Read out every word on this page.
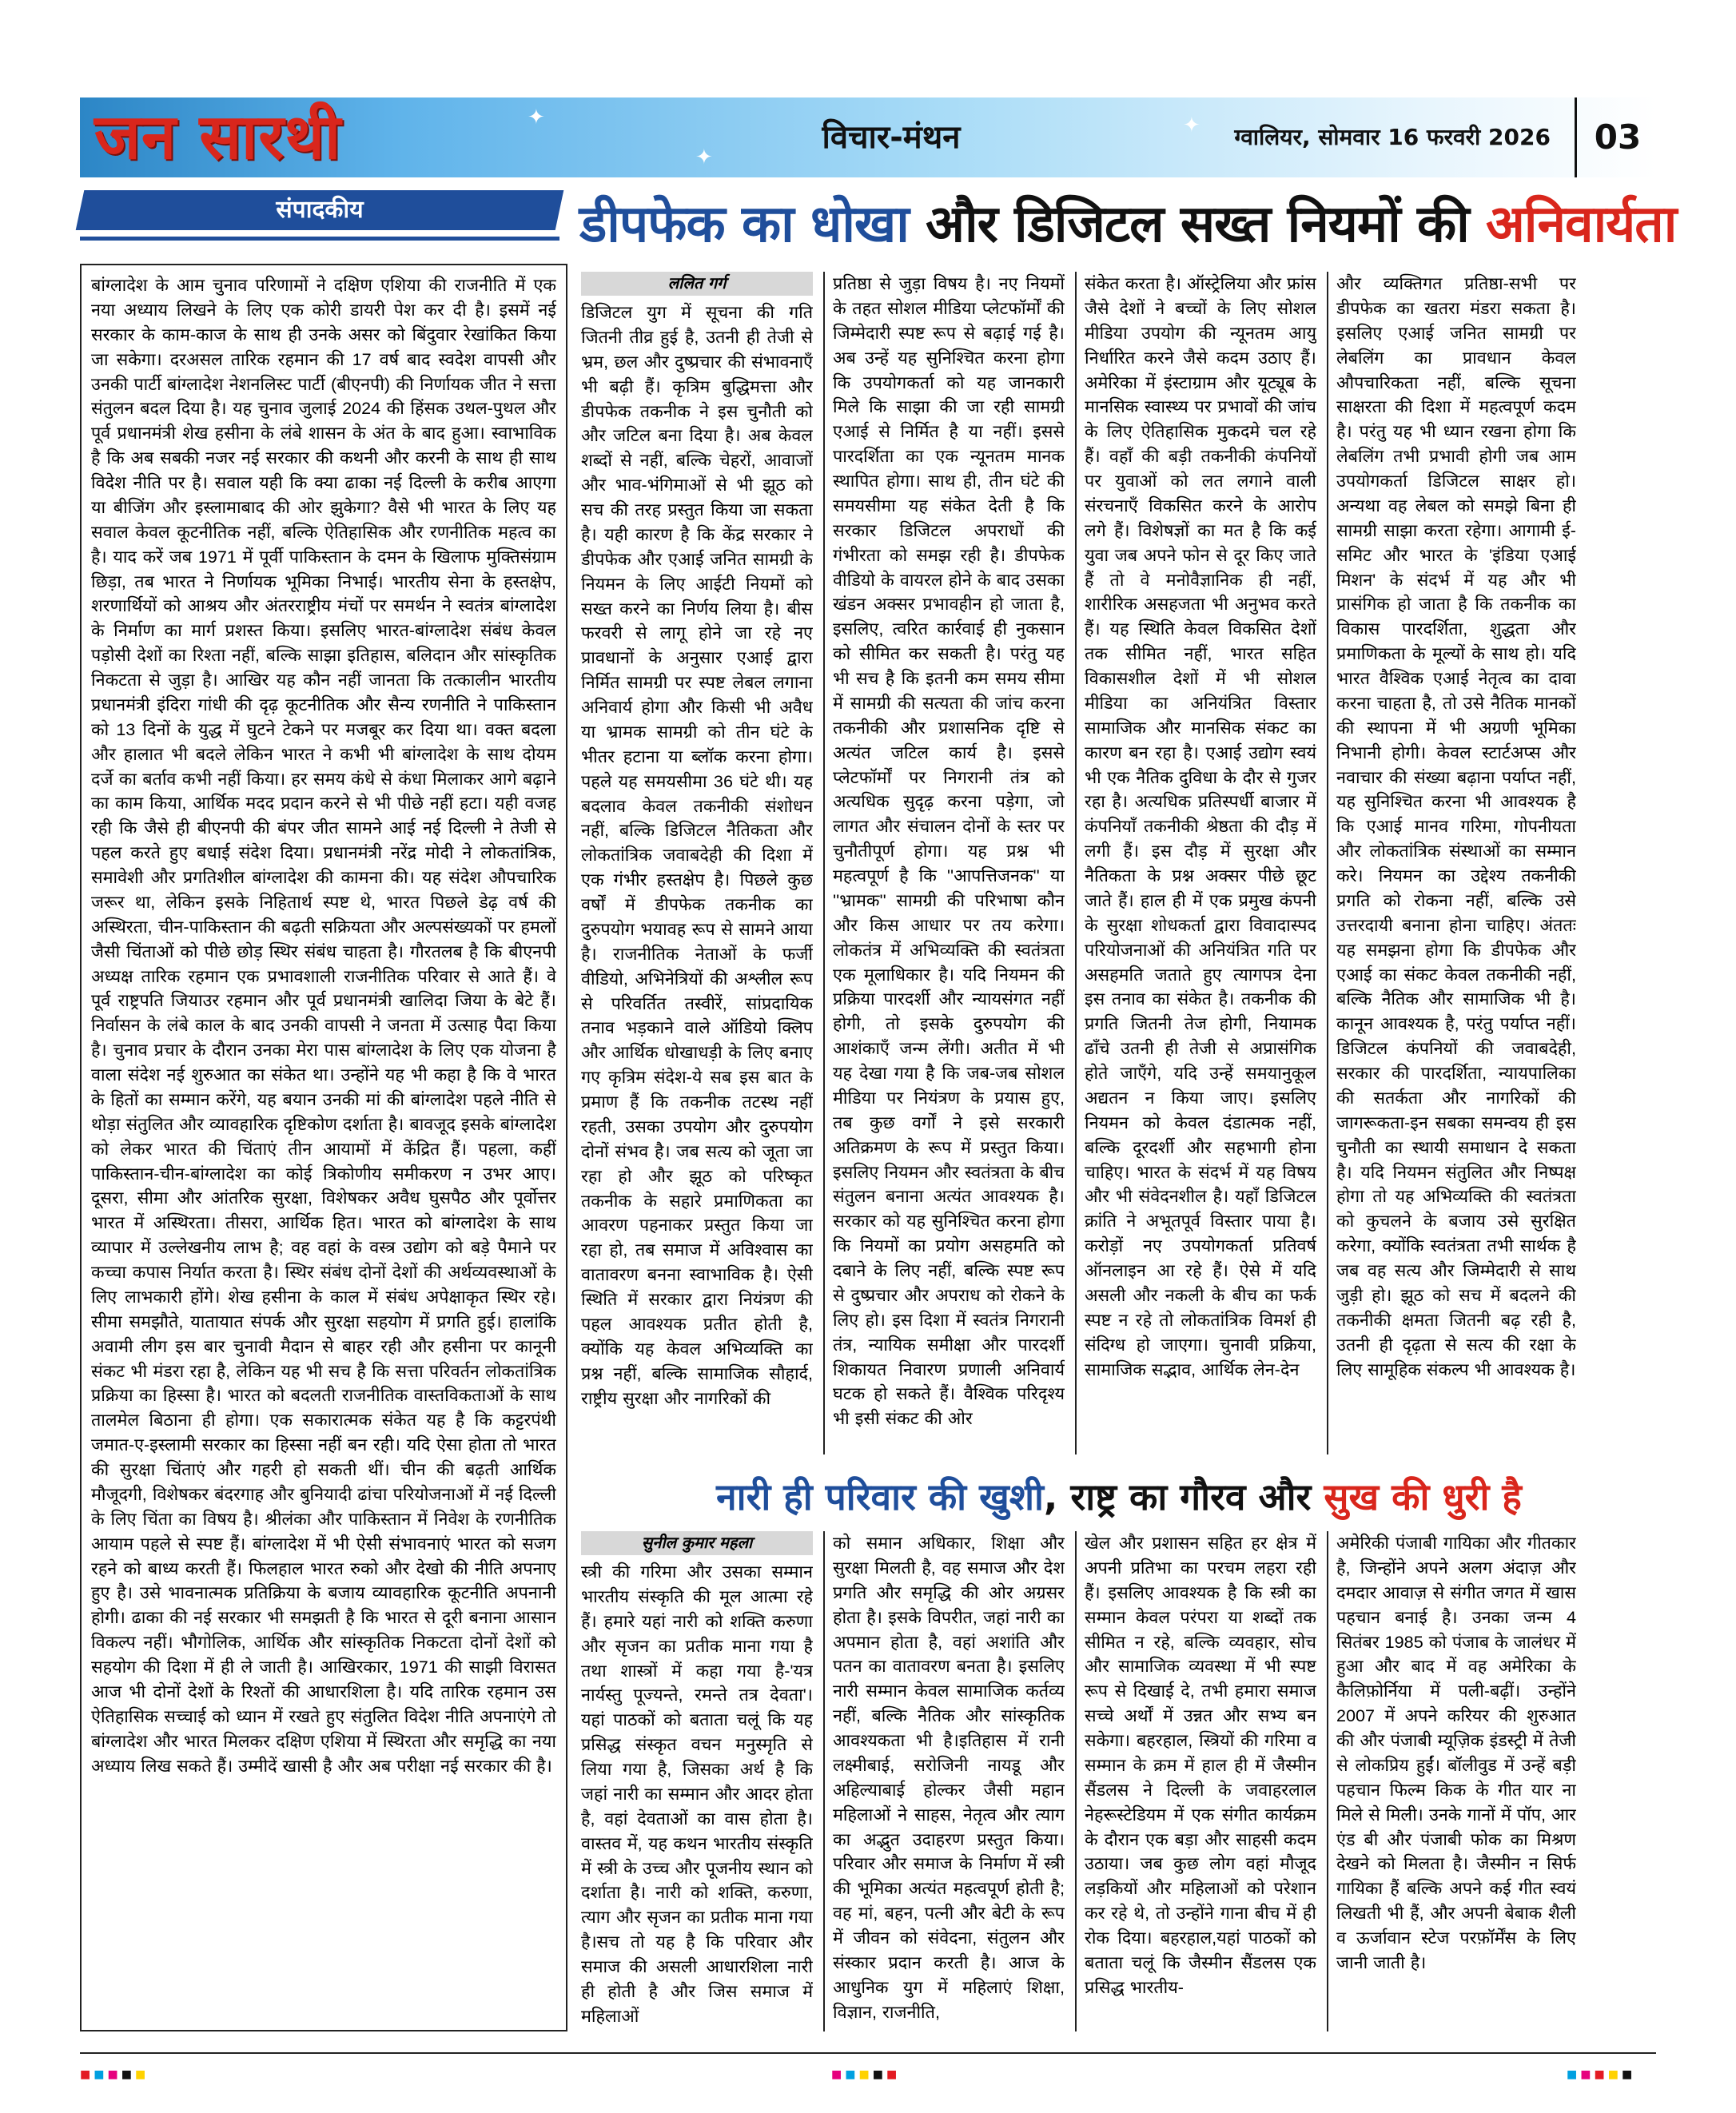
✦
✦
✦
जन सारथी	विचार-मंथन	ग्वालियर, सोमवार 16 फरवरी 2026	03
संपादकीय
बांग्लादेश के आम चुनाव परिणामों ने दक्षिण एशिया की राजनीति में एक नया अध्याय लिखने के लिए एक कोरी डायरी पेश कर दी है। इसमें नई सरकार के काम-काज के साथ ही उनके असर को बिंदुवार रेखांकित किया जा सकेगा। दरअसल तारिक रहमान की 17 वर्ष बाद स्वदेश वापसी और उनकी पार्टी बांग्लादेश नेशनलिस्ट पार्टी (बीएनपी) की निर्णायक जीत ने सत्ता संतुलन बदल दिया है। यह चुनाव जुलाई 2024 की हिंसक उथल-पुथल और पूर्व प्रधानमंत्री शेख हसीना के लंबे शासन के अंत के बाद हुआ। स्वाभाविक है कि अब सबकी नजर नई सरकार की कथनी और करनी के साथ ही साथ विदेश नीति पर है। सवाल यही कि क्या ढाका नई दिल्ली के करीब आएगा या बीजिंग और इस्लामाबाद की ओर झुकेगा? वैसे भी भारत के लिए यह सवाल केवल कूटनीतिक नहीं, बल्कि ऐतिहासिक और रणनीतिक महत्व का है। याद करें जब 1971 में पूर्वी पाकिस्तान के दमन के खिलाफ मुक्तिसंग्राम छिड़ा, तब भारत ने निर्णायक भूमिका निभाई। भारतीय सेना के हस्तक्षेप, शरणार्थियों को आश्रय और अंतरराष्ट्रीय मंचों पर समर्थन ने स्वतंत्र बांग्लादेश के निर्माण का मार्ग प्रशस्त किया। इसलिए भारत-बांग्लादेश संबंध केवल पड़ोसी देशों का रिश्ता नहीं, बल्कि साझा इतिहास, बलिदान और सांस्कृतिक निकटता से जुड़ा है। आखिर यह कौन नहीं जानता कि तत्कालीन भारतीय प्रधानमंत्री इंदिरा गांधी की दृढ़ कूटनीतिक और सैन्य रणनीति ने पाकिस्तान को 13 दिनों के युद्ध में घुटने टेकने पर मजबूर कर दिया था। वक्त बदला और हालात भी बदले लेकिन भारत ने कभी भी बांग्लादेश के साथ दोयम दर्जे का बर्ताव कभी नहीं किया। हर समय कंधे से कंधा मिलाकर आगे बढ़ाने का काम किया, आर्थिक मदद प्रदान करने से भी पीछे नहीं हटा। यही वजह रही कि जैसे ही बीएनपी की बंपर जीत सामने आई नई दिल्ली ने तेजी से पहल करते हुए बधाई संदेश दिया। प्रधानमंत्री नरेंद्र मोदी ने लोकतांत्रिक, समावेशी और प्रगतिशील बांग्लादेश की कामना की। यह संदेश औपचारिक जरूर था, लेकिन इसके निहितार्थ स्पष्ट थे, भारत पिछले डेढ़ वर्ष की अस्थिरता, चीन-पाकिस्तान की बढ़ती सक्रियता और अल्पसंख्यकों पर हमलों जैसी चिंताओं को पीछे छोड़ स्थिर संबंध चाहता है। गौरतलब है कि बीएनपी अध्यक्ष तारिक रहमान एक प्रभावशाली राजनीतिक परिवार से आते हैं। वे पूर्व राष्ट्रपति जियाउर रहमान और पूर्व प्रधानमंत्री खालिदा जिया के बेटे हैं। निर्वासन के लंबे काल के बाद उनकी वापसी ने जनता में उत्साह पैदा किया है। चुनाव प्रचार के दौरान उनका मेरा पास बांग्लादेश के लिए एक योजना है वाला संदेश नई शुरुआत का संकेत था। उन्होंने यह भी कहा है कि वे भारत के हितों का सम्मान करेंगे, यह बयान उनकी मां की बांग्लादेश पहले नीति से थोड़ा संतुलित और व्यावहारिक दृष्टिकोण दर्शाता है। बावजूद इसके बांग्लादेश को लेकर भारत की चिंताएं तीन आयामों में केंद्रित हैं। पहला, कहीं पाकिस्तान-चीन-बांग्लादेश का कोई त्रिकोणीय समीकरण न उभर आए। दूसरा, सीमा और आंतरिक सुरक्षा, विशेषकर अवैध घुसपैठ और पूर्वोत्तर भारत में अस्थिरता। तीसरा, आर्थिक हित। भारत को बांग्लादेश के साथ व्यापार में उल्लेखनीय लाभ है; वह वहां के वस्त्र उद्योग को बड़े पैमाने पर कच्चा कपास निर्यात करता है। स्थिर संबंध दोनों देशों की अर्थव्यवस्थाओं के लिए लाभकारी होंगे। शेख हसीना के काल में संबंध अपेक्षाकृत स्थिर रहे। सीमा समझौते, यातायात संपर्क और सुरक्षा सहयोग में प्रगति हुई। हालांकि अवामी लीग इस बार चुनावी मैदान से बाहर रही और हसीना पर कानूनी संकट भी मंडरा रहा है, लेकिन यह भी सच है कि सत्ता परिवर्तन लोकतांत्रिक प्रक्रिया का हिस्सा है। भारत को बदलती राजनीतिक वास्तविकताओं के साथ तालमेल बिठाना ही होगा। एक सकारात्मक संकेत यह है कि कट्टरपंथी जमात-ए-इस्लामी सरकार का हिस्सा नहीं बन रही। यदि ऐसा होता तो भारत की सुरक्षा चिंताएं और गहरी हो सकती थीं। चीन की बढ़ती आर्थिक मौजूदगी, विशेषकर बंदरगाह और बुनियादी ढांचा परियोजनाओं में नई दिल्ली के लिए चिंता का विषय है। श्रीलंका और पाकिस्तान में निवेश के रणनीतिक आयाम पहले से स्पष्ट हैं। बांग्लादेश में भी ऐसी संभावनाएं भारत को सजग रहने को बाध्य करती हैं। फिलहाल भारत रुको और देखो की नीति अपनाए हुए है। उसे भावनात्मक प्रतिक्रिया के बजाय व्यावहारिक कूटनीति अपनानी होगी। ढाका की नई सरकार भी समझती है कि भारत से दूरी बनाना आसान विकल्प नहीं। भौगोलिक, आर्थिक और सांस्कृतिक निकटता दोनों देशों को सहयोग की दिशा में ही ले जाती है। आखिरकार, 1971 की साझी विरासत आज भी दोनों देशों के रिश्तों की आधारशिला है। यदि तारिक रहमान उस ऐतिहासिक सच्चाई को ध्यान में रखते हुए संतुलित विदेश नीति अपनाएंगे तो बांग्लादेश और भारत मिलकर दक्षिण एशिया में स्थिरता और समृद्धि का नया अध्याय लिख सकते हैं। उम्मीदें खासी है और अब परीक्षा नई सरकार की है।
डीपफेक का धोखा और डिजिटल सख्त नियमों की अनिवार्यता
ललित गर्ग
डिजिटल युग में सूचना की गति जितनी तीव्र हुई है, उतनी ही तेजी से भ्रम, छल और दुष्प्रचार की संभावनाएँ भी बढ़ी हैं। कृत्रिम बुद्धिमत्ता और डीपफेक तकनीक ने इस चुनौती को और जटिल बना दिया है। अब केवल शब्दों से नहीं, बल्कि चेहरों, आवाजों और भाव-भंगिमाओं से भी झूठ को सच की तरह प्रस्तुत किया जा सकता है। यही कारण है कि केंद्र सरकार ने डीपफेक और एआई जनित सामग्री के नियमन के लिए आईटी नियमों को सख्त करने का निर्णय लिया है। बीस फरवरी से लागू होने जा रहे नए प्रावधानों के अनुसार एआई द्वारा निर्मित सामग्री पर स्पष्ट लेबल लगाना अनिवार्य होगा और किसी भी अवैध या भ्रामक सामग्री को तीन घंटे के भीतर हटाना या ब्लॉक करना होगा। पहले यह समयसीमा 36 घंटे थी। यह बदलाव केवल तकनीकी संशोधन नहीं, बल्कि डिजिटल नैतिकता और लोकतांत्रिक जवाबदेही की दिशा में एक गंभीर हस्तक्षेप है। पिछले कुछ वर्षों में डीपफेक तकनीक का दुरुपयोग भयावह रूप से सामने आया है। राजनीतिक नेताओं के फर्जी वीडियो, अभिनेत्रियों की अश्लील रूप से परिवर्तित तस्वीरें, सांप्रदायिक तनाव भड़काने वाले ऑडियो क्लिप और आर्थिक धोखाधड़ी के लिए बनाए गए कृत्रिम संदेश-ये सब इस बात के प्रमाण हैं कि तकनीक तटस्थ नहीं रहती, उसका उपयोग और दुरुपयोग दोनों संभव है। जब सत्य को जूता जा रहा हो और झूठ को परिष्कृत तकनीक के सहारे प्रमाणिकता का आवरण पहनाकर प्रस्तुत किया जा रहा हो, तब समाज में अविश्वास का वातावरण बनना स्वाभाविक है। ऐसी स्थिति में सरकार द्वारा नियंत्रण की पहल आवश्यक प्रतीत होती है, क्योंकि यह केवल अभिव्यक्ति का प्रश्न नहीं, बल्कि सामाजिक सौहार्द, राष्ट्रीय सुरक्षा और नागरिकों की
प्रतिष्ठा से जुड़ा विषय है। नए नियमों के तहत सोशल मीडिया प्लेटफॉर्मों की जिम्मेदारी स्पष्ट रूप से बढ़ाई गई है। अब उन्हें यह सुनिश्चित करना होगा कि उपयोगकर्ता को यह जानकारी मिले कि साझा की जा रही सामग्री एआई से निर्मित है या नहीं। इससे पारदर्शिता का एक न्यूनतम मानक स्थापित होगा। साथ ही, तीन घंटे की समयसीमा यह संकेत देती है कि सरकार डिजिटल अपराधों की गंभीरता को समझ रही है। डीपफेक वीडियो के वायरल होने के बाद उसका खंडन अक्सर प्रभावहीन हो जाता है, इसलिए, त्वरित कार्रवाई ही नुकसान को सीमित कर सकती है। परंतु यह भी सच है कि इतनी कम समय सीमा में सामग्री की सत्यता की जांच करना तकनीकी और प्रशासनिक दृष्टि से अत्यंत जटिल कार्य है। इससे प्लेटफॉर्मों पर निगरानी तंत्र को अत्यधिक सुदृढ़ करना पड़ेगा, जो लागत और संचालन दोनों के स्तर पर चुनौतीपूर्ण होगा। यह प्रश्न भी महत्वपूर्ण है कि ''आपत्तिजनक'' या ''भ्रामक'' सामग्री की परिभाषा कौन और किस आधार पर तय करेगा। लोकतंत्र में अभिव्यक्ति की स्वतंत्रता एक मूलाधिकार है। यदि नियमन की प्रक्रिया पारदर्शी और न्यायसंगत नहीं होगी, तो इसके दुरुपयोग की आशंकाएँ जन्म लेंगी। अतीत में भी यह देखा गया है कि जब-जब सोशल मीडिया पर नियंत्रण के प्रयास हुए, तब कुछ वर्गों ने इसे सरकारी अतिक्रमण के रूप में प्रस्तुत किया। इसलिए नियमन और स्वतंत्रता के बीच संतुलन बनाना अत्यंत आवश्यक है। सरकार को यह सुनिश्चित करना होगा कि नियमों का प्रयोग असहमति को दबाने के लिए नहीं, बल्कि स्पष्ट रूप से दुष्प्रचार और अपराध को रोकने के लिए हो। इस दिशा में स्वतंत्र निगरानी तंत्र, न्यायिक समीक्षा और पारदर्शी शिकायत निवारण प्रणाली अनिवार्य घटक हो सकते हैं। वैश्विक परिदृश्य भी इसी संकट की ओर
संकेत करता है। ऑस्ट्रेलिया और फ्रांस जैसे देशों ने बच्चों के लिए सोशल मीडिया उपयोग की न्यूनतम आयु निर्धारित करने जैसे कदम उठाए हैं। अमेरिका में इंस्टाग्राम और यूट्यूब के मानसिक स्वास्थ्य पर प्रभावों की जांच के लिए ऐतिहासिक मुकदमे चल रहे हैं। वहाँ की बड़ी तकनीकी कंपनियों पर युवाओं को लत लगाने वाली संरचनाएँ विकसित करने के आरोप लगे हैं। विशेषज्ञों का मत है कि कई युवा जब अपने फोन से दूर किए जाते हैं तो वे मनोवैज्ञानिक ही नहीं, शारीरिक असहजता भी अनुभव करते हैं। यह स्थिति केवल विकसित देशों तक सीमित नहीं, भारत सहित विकासशील देशों में भी सोशल मीडिया का अनियंत्रित विस्तार सामाजिक और मानसिक संकट का कारण बन रहा है। एआई उद्योग स्वयं भी एक नैतिक दुविधा के दौर से गुजर रहा है। अत्यधिक प्रतिस्पर्धी बाजार में कंपनियाँ तकनीकी श्रेष्ठता की दौड़ में लगी हैं। इस दौड़ में सुरक्षा और नैतिकता के प्रश्न अक्सर पीछे छूट जाते हैं। हाल ही में एक प्रमुख कंपनी के सुरक्षा शोधकर्ता द्वारा विवादास्पद परियोजनाओं की अनियंत्रित गति पर असहमति जताते हुए त्यागपत्र देना इस तनाव का संकेत है। तकनीक की प्रगति जितनी तेज होगी, नियामक ढाँचे उतनी ही तेजी से अप्रासंगिक होते जाएँगे, यदि उन्हें समयानुकूल अद्यतन न किया जाए। इसलिए नियमन को केवल दंडात्मक नहीं, बल्कि दूरदर्शी और सहभागी होना चाहिए। भारत के संदर्भ में यह विषय और भी संवेदनशील है। यहाँ डिजिटल क्रांति ने अभूतपूर्व विस्तार पाया है। करोड़ों नए उपयोगकर्ता प्रतिवर्ष ऑनलाइन आ रहे हैं। ऐसे में यदि असली और नकली के बीच का फर्क स्पष्ट न रहे तो लोकतांत्रिक विमर्श ही संदिग्ध हो जाएगा। चुनावी प्रक्रिया, सामाजिक सद्भाव, आर्थिक लेन-देन
और व्यक्तिगत प्रतिष्ठा-सभी पर डीपफेक का खतरा मंडरा सकता है। इसलिए एआई जनित सामग्री पर लेबलिंग का प्रावधान केवल औपचारिकता नहीं, बल्कि सूचना साक्षरता की दिशा में महत्वपूर्ण कदम है। परंतु यह भी ध्यान रखना होगा कि लेबलिंग तभी प्रभावी होगी जब आम उपयोगकर्ता डिजिटल साक्षर हो। अन्यथा वह लेबल को समझे बिना ही सामग्री साझा करता रहेगा। आगामी ई-समिट और भारत के 'इंडिया एआई मिशन' के संदर्भ में यह और भी प्रासंगिक हो जाता है कि तकनीक का विकास पारदर्शिता, शुद्धता और प्रमाणिकता के मूल्यों के साथ हो। यदि भारत वैश्विक एआई नेतृत्व का दावा करना चाहता है, तो उसे नैतिक मानकों की स्थापना में भी अग्रणी भूमिका निभानी होगी। केवल स्टार्टअप्स और नवाचार की संख्या बढ़ाना पर्याप्त नहीं, यह सुनिश्चित करना भी आवश्यक है कि एआई मानव गरिमा, गोपनीयता और लोकतांत्रिक संस्थाओं का सम्मान करे। नियमन का उद्देश्य तकनीकी प्रगति को रोकना नहीं, बल्कि उसे उत्तरदायी बनाना होना चाहिए। अंततः यह समझना होगा कि डीपफेक और एआई का संकट केवल तकनीकी नहीं, बल्कि नैतिक और सामाजिक भी है। कानून आवश्यक है, परंतु पर्याप्त नहीं। डिजिटल कंपनियों की जवाबदेही, सरकार की पारदर्शिता, न्यायपालिका की सतर्कता और नागरिकों की जागरूकता-इन सबका समन्वय ही इस चुनौती का स्थायी समाधान दे सकता है। यदि नियमन संतुलित और निष्पक्ष होगा तो यह अभिव्यक्ति की स्वतंत्रता को कुचलने के बजाय उसे सुरक्षित करेगा, क्योंकि स्वतंत्रता तभी सार्थक है जब वह सत्य और जिम्मेदारी से साथ जुड़ी हो। झूठ को सच में बदलने की तकनीकी क्षमता जितनी बढ़ रही है, उतनी ही दृढ़ता से सत्य की रक्षा के लिए सामूहिक संकल्प भी आवश्यक है।
नारी ही परिवार की खुशी, राष्ट्र का गौरव और सुख की धुरी है
सुनील कुमार महला
स्त्री की गरिमा और उसका सम्मान भारतीय संस्कृति की मूल आत्मा रहे हैं। हमारे यहां नारी को शक्ति करुणा और सृजन का प्रतीक माना गया है तथा शास्त्रों में कहा गया है-'यत्र नार्यस्तु पूज्यन्ते, रमन्ते तत्र देवता'। यहां पाठकों को बताता चलूं कि यह प्रसिद्ध संस्कृत वचन मनुस्मृति से लिया गया है, जिसका अर्थ है कि जहां नारी का सम्मान और आदर होता है, वहां देवताओं का वास होता है। वास्तव में, यह कथन भारतीय संस्कृति में स्त्री के उच्च और पूजनीय स्थान को दर्शाता है। नारी को शक्ति, करुणा, त्याग और सृजन का प्रतीक माना गया है।सच तो यह है कि परिवार और समाज की असली आधारशिला नारी ही होती है और जिस समाज में महिलाओं
को समान अधिकार, शिक्षा और सुरक्षा मिलती है, वह समाज और देश प्रगति और समृद्धि की ओर अग्रसर होता है। इसके विपरीत, जहां नारी का अपमान होता है, वहां अशांति और पतन का वातावरण बनता है। इसलिए नारी सम्मान केवल सामाजिक कर्तव्य नहीं, बल्कि नैतिक और सांस्कृतिक आवश्यकता भी है।इतिहास में रानी लक्ष्मीबाई, सरोजिनी नायडू और अहिल्याबाई होल्कर जैसी महान महिलाओं ने साहस, नेतृत्व और त्याग का अद्भुत उदाहरण प्रस्तुत किया। परिवार और समाज के निर्माण में स्त्री की भूमिका अत्यंत महत्वपूर्ण होती है; वह मां, बहन, पत्नी और बेटी के रूप में जीवन को संवेदना, संतुलन और संस्कार प्रदान करती है। आज के आधुनिक युग में महिलाएं शिक्षा, विज्ञान, राजनीति,
खेल और प्रशासन सहित हर क्षेत्र में अपनी प्रतिभा का परचम लहरा रही हैं। इसलिए आवश्यक है कि स्त्री का सम्मान केवल परंपरा या शब्दों तक सीमित न रहे, बल्कि व्यवहार, सोच और सामाजिक व्यवस्था में भी स्पष्ट रूप से दिखाई दे, तभी हमारा समाज सच्चे अर्थों में उन्नत और सभ्य बन सकेगा। बहरहाल, स्त्रियों की गरिमा व सम्मान के क्रम में हाल ही में जैस्मीन सैंडलस ने दिल्ली के जवाहरलाल नेहरूस्टेडियम में एक संगीत कार्यक्रम के दौरान एक बड़ा और साहसी कदम उठाया। जब कुछ लोग वहां मौजूद लड़कियों और महिलाओं को परेशान कर रहे थे, तो उन्होंने गाना बीच में ही रोक दिया। बहरहाल,यहां पाठकों को बताता चलूं कि जैस्मीन सैंडलस एक प्रसिद्ध भारतीय-
अमेरिकी पंजाबी गायिका और गीतकार है, जिन्होंने अपने अलग अंदाज़ और दमदार आवाज़ से संगीत जगत में खास पहचान बनाई है। उनका जन्म 4 सितंबर 1985 को पंजाब के जालंधर में हुआ और बाद में वह अमेरिका के कैलिफ़ोर्निया में पली-बढ़ीं। उन्होंने 2007 में अपने करियर की शुरुआत की और पंजाबी म्यूज़िक इंडस्ट्री में तेजी से लोकप्रिय हुईं। बॉलीवुड में उन्हें बड़ी पहचान फिल्म किक के गीत यार ना मिले से मिली। उनके गानों में पॉप, आर एंड बी और पंजाबी फोक का मिश्रण देखने को मिलता है। जैस्मीन न सिर्फ गायिका हैं बल्कि अपने कई गीत स्वयं लिखती भी हैं, और अपनी बेबाक शैली व ऊर्जावान स्टेज परफ़ॉर्मेंस के लिए जानी जाती है।
■■■■■	■■■■■	■■■■■
